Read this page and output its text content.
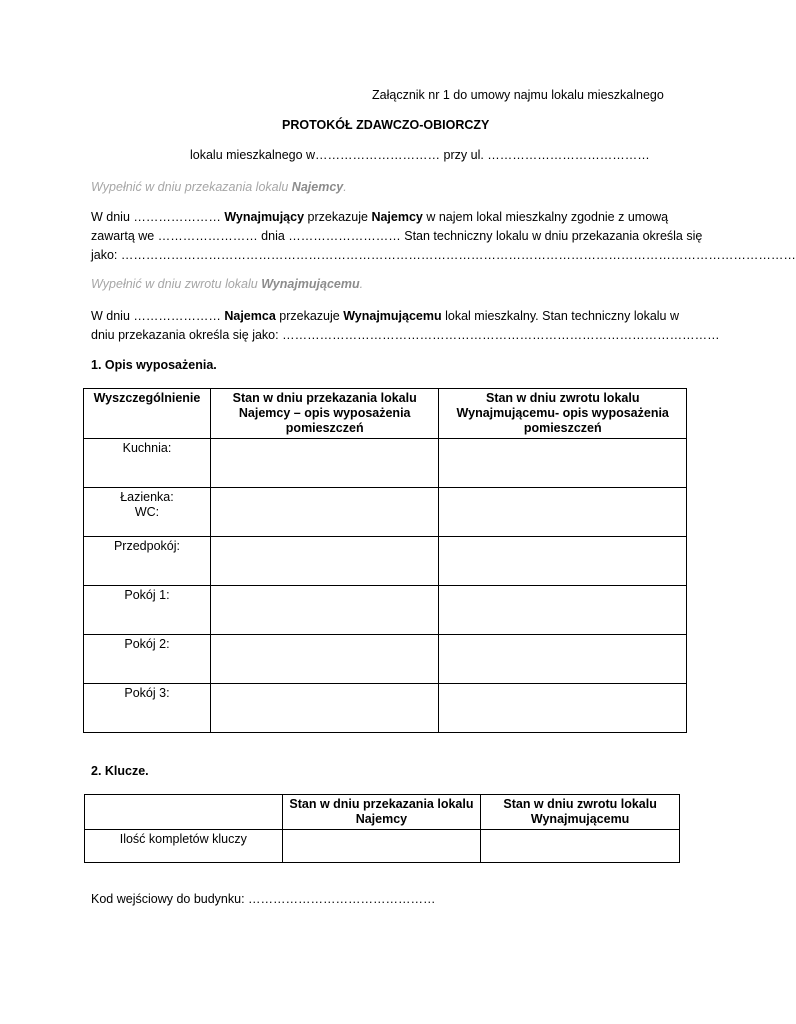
Załącznik nr 1 do umowy najmu lokalu mieszkalnego
PROTOKÓŁ ZDAWCZO-OBIORCZY
lokalu mieszkalnego w………………………… przy ul. …………………………………
Wypełnić w dniu przekazania lokalu Najemcy.
W dniu ………………… Wynajmujący przekazuje Najemcy w najem lokal mieszkalny zgodnie z umową
zawartą we …………………… dnia ……………………… Stan techniczny lokalu w dniu przekazania określa się
jako: ………………………………………………………………………………………………………………………………………………
Wypełnić w dniu zwrotu lokalu Wynajmującemu.
W dniu ………………… Najemca przekazuje Wynajmującemu lokal mieszkalny. Stan techniczny lokalu w
dniu przekazania określa się jako: ……………………………………………………………………………………………
1. Opis wyposażenia.
Wyszczególnienie	Stan w dniu przekazania lokalu Najemcy – opis wyposażenia pomieszczeń	Stan w dniu zwrotu lokalu Wynajmującemu- opis wyposażenia pomieszczeń
Kuchnia:		
Łazienka:
WC:		
Przedpokój:		
Pokój 1:		
Pokój 2:		
Pokój 3:		
2. Klucze.
	Stan w dniu przekazania lokalu Najemcy	Stan w dniu zwrotu lokalu Wynajmującemu
Ilość kompletów kluczy		
Kod wejściowy do budynku: ………………………………………
